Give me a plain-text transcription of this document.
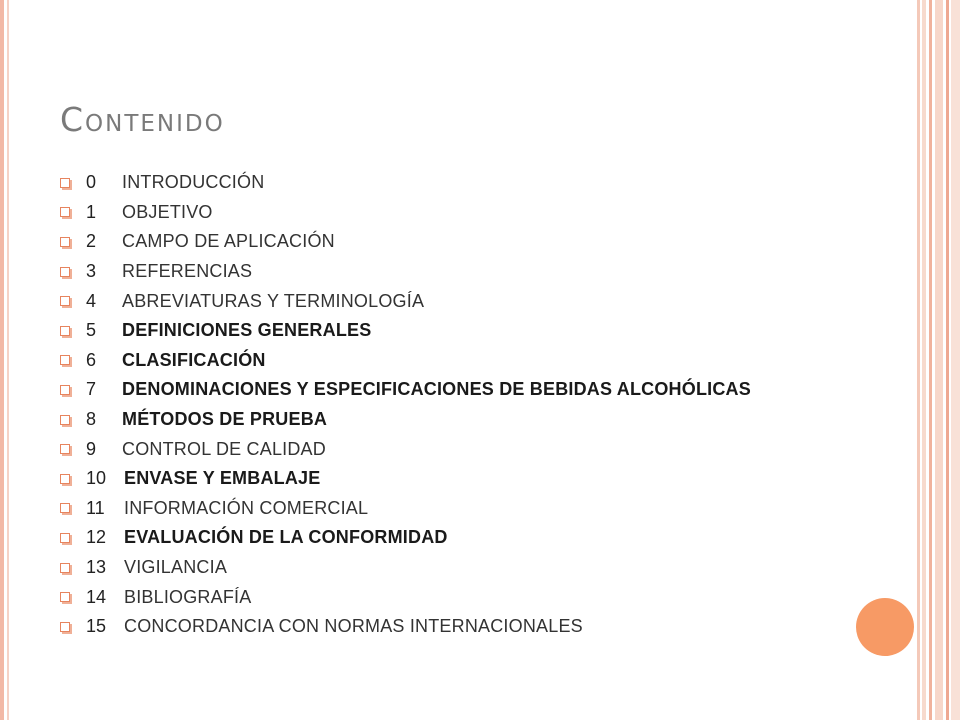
Contenido
0	INTRODUCCIÓN
1	OBJETIVO
2	CAMPO DE APLICACIÓN
3	REFERENCIAS
4	ABREVIATURAS Y TERMINOLOGÍA
5	DEFINICIONES GENERALES
6	CLASIFICACIÓN
7	DENOMINACIONES Y ESPECIFICACIONES DE BEBIDAS ALCOHÓLICAS
8	MÉTODOS DE PRUEBA
9	CONTROL DE CALIDAD
10 ENVASE Y EMBALAJE
11 INFORMACIÓN COMERCIAL
12 EVALUACIÓN DE LA CONFORMIDAD
13 VIGILANCIA
14 BIBLIOGRAFÍA
15 CONCORDANCIA CON NORMAS INTERNACIONALES
